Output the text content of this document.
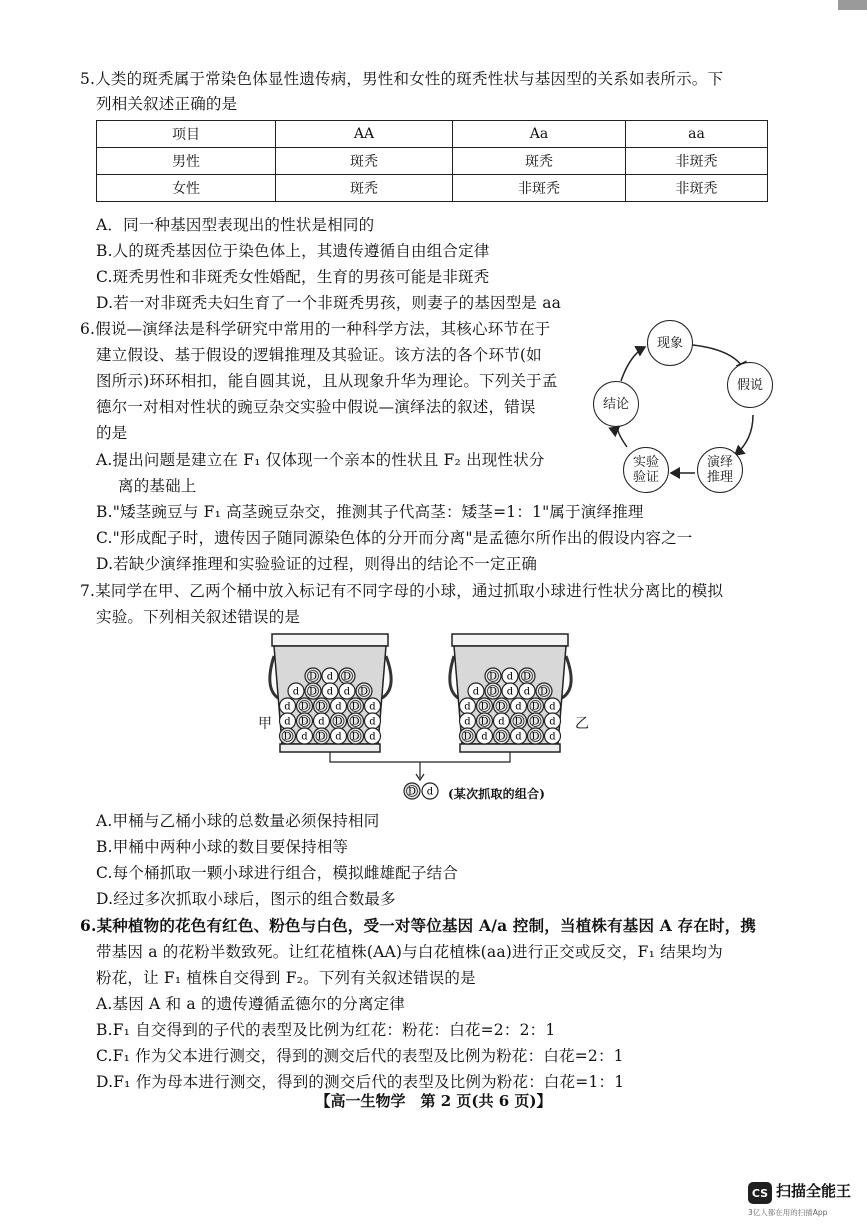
5.人类的斑秃属于常染色体显性遗传病，男性和女性的斑秃性状与基因型的关系如表所示。下
列相关叙述正确的是
项目	AA	Aa	aa
男性	斑秃	斑秃	非斑秃
女性	斑秃	非斑秃	非斑秃
A．同一种基因型表现出的性状是相同的
B.人的斑秃基因位于染色体上，其遗传遵循自由组合定律
C.斑秃男性和非斑秃女性婚配，生育的男孩可能是非斑秃
D.若一对非斑秃夫妇生育了一个非斑秃男孩，则妻子的基因型是 aa
6.假说—演绎法是科学研究中常用的一种科学方法，其核心环节在于
建立假设、基于假设的逻辑推理及其验证。该方法的各个环节(如
图所示)环环相扣，能自圆其说，且从现象升华为理论。下列关于孟
德尔一对相对性状的豌豆杂交实验中假说—演绎法的叙述，错误
的是
现象
假说
演绎推理
实验验证
结论
A.提出问题是建立在 F₁ 仅体现一个亲本的性状且 F₂ 出现性状分
离的基础上
B."矮茎豌豆与 F₁ 高茎豌豆杂交，推测其子代高茎：矮茎=1：1"属于演绎推理
C."形成配子时，遗传因子随同源染色体的分开而分离"是孟德尔所作出的假设内容之一
D.若缺少演绎推理和实验验证的过程，则得出的结论不一定正确
7.某同学在甲、乙两个桶中放入标记有不同字母的小球，通过抓取小球进行性状分离比的模拟
实验。下列相关叙述错误的是
D d D
d D d d D
d D D d D d
d D d D D d
D d D d D d
D d D
d D d d D
d D D d D d
d D d D D d
D d D d D d
D d
甲	乙
(某次抓取的组合)
A.甲桶与乙桶小球的总数量必须保持相同
B.甲桶中两种小球的数目要保持相等
C.每个桶抓取一颗小球进行组合，模拟雌雄配子结合
D.经过多次抓取小球后，图示的组合数最多
6.某种植物的花色有红色、粉色与白色，受一对等位基因 A/a 控制，当植株有基因 A 存在时，携
带基因 a 的花粉半数致死。让红花植株(AA)与白花植株(aa)进行正交或反交，F₁ 结果均为
粉花，让 F₁ 植株自交得到 F₂。下列有关叙述错误的是
A.基因 A 和 a 的遗传遵循孟德尔的分离定律
B.F₁ 自交得到的子代的表型及比例为红花：粉花：白花=2：2：1
C.F₁ 作为父本进行测交，得到的测交后代的表型及比例为粉花：白花=2：1
D.F₁ 作为母本进行测交，得到的测交后代的表型及比例为粉花：白花=1：1
【高一生物学　第 2 页(共 6 页)】
CS 扫描全能王
3亿人都在用的扫描App
